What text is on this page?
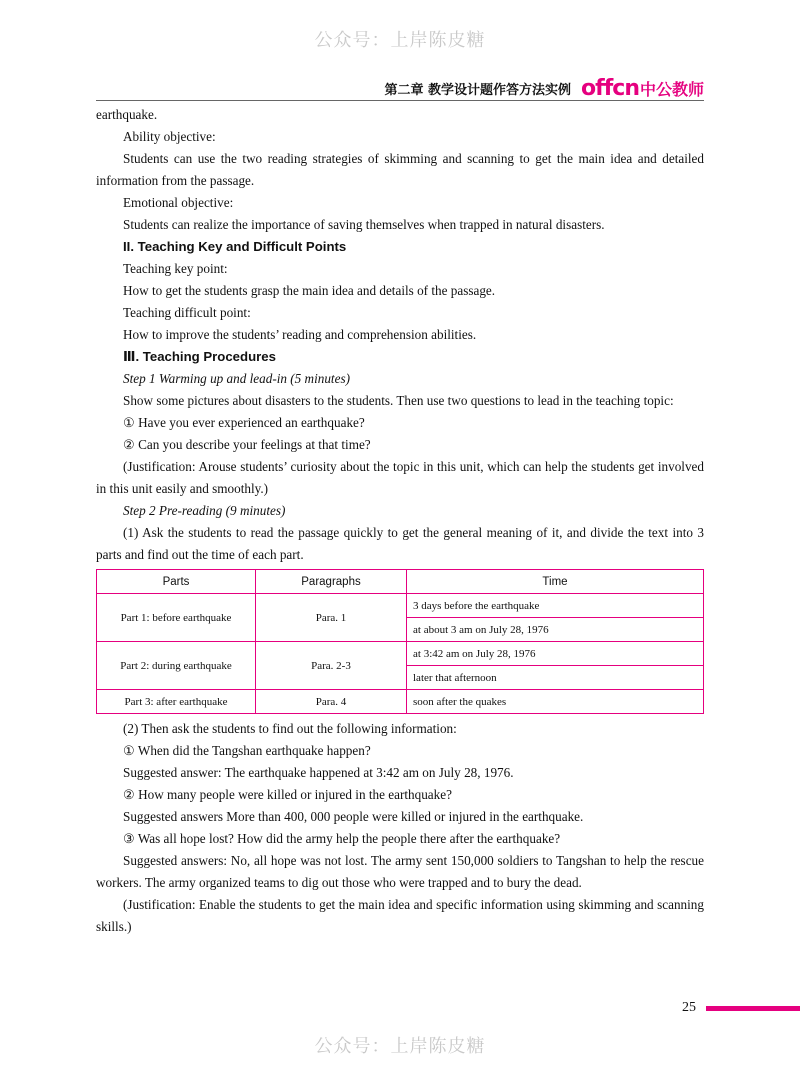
公众号：上岸陈皮糖
第二章 教学设计题作答方法实例 offcn 中公教师

earthquake.

Ability objective:

Students can use the two reading strategies of skimming and scanning to get the main idea and detailed information from the passage.

Emotional objective:

Students can realize the importance of saving themselves when trapped in natural disasters.

II. Teaching Key and Difficult Points

Teaching key point:

How to get the students grasp the main idea and details of the passage.

Teaching difficult point:

How to improve the students’ reading and comprehension abilities.

Ⅲ. Teaching Procedures

Step 1 Warming up and lead-in (5 minutes)

Show some pictures about disasters to the students. Then use two questions to lead in the teaching topic:

① Have you ever experienced an earthquake?

② Can you describe your feelings at that time?

(Justification: Arouse students’ curiosity about the topic in this unit, which can help the students get involved in this unit easily and smoothly.)

Step 2 Pre-reading (9 minutes)

(1) Ask the students to read the passage quickly to get the general meaning of it, and divide the text into 3 parts and find out the time of each part.

Parts	Paragraphs	Time
Part 1: before earthquake	Para. 1	3 days before the earthquake
		at about 3 am on July 28, 1976
Part 2: during earthquake	Para. 2-3	at 3:42 am on July 28, 1976
		later that afternoon
Part 3: after earthquake	Para. 4	soon after the quakes

(2) Then ask the students to find out the following information:

① When did the Tangshan earthquake happen?

Suggested answer: The earthquake happened at 3:42 am on July 28, 1976.

② How many people were killed or injured in the earthquake?

Suggested answers More than 400, 000 people were killed or injured in the earthquake.

③ Was all hope lost? How did the army help the people there after the earthquake?

Suggested answers: No, all hope was not lost. The army sent 150,000 soldiers to Tangshan to help the rescue workers. The army organized teams to dig out those who were trapped and to bury the dead.

(Justification: Enable the students to get the main idea and specific information using skimming and scanning skills.)

25
公众号：上岸陈皮糖
